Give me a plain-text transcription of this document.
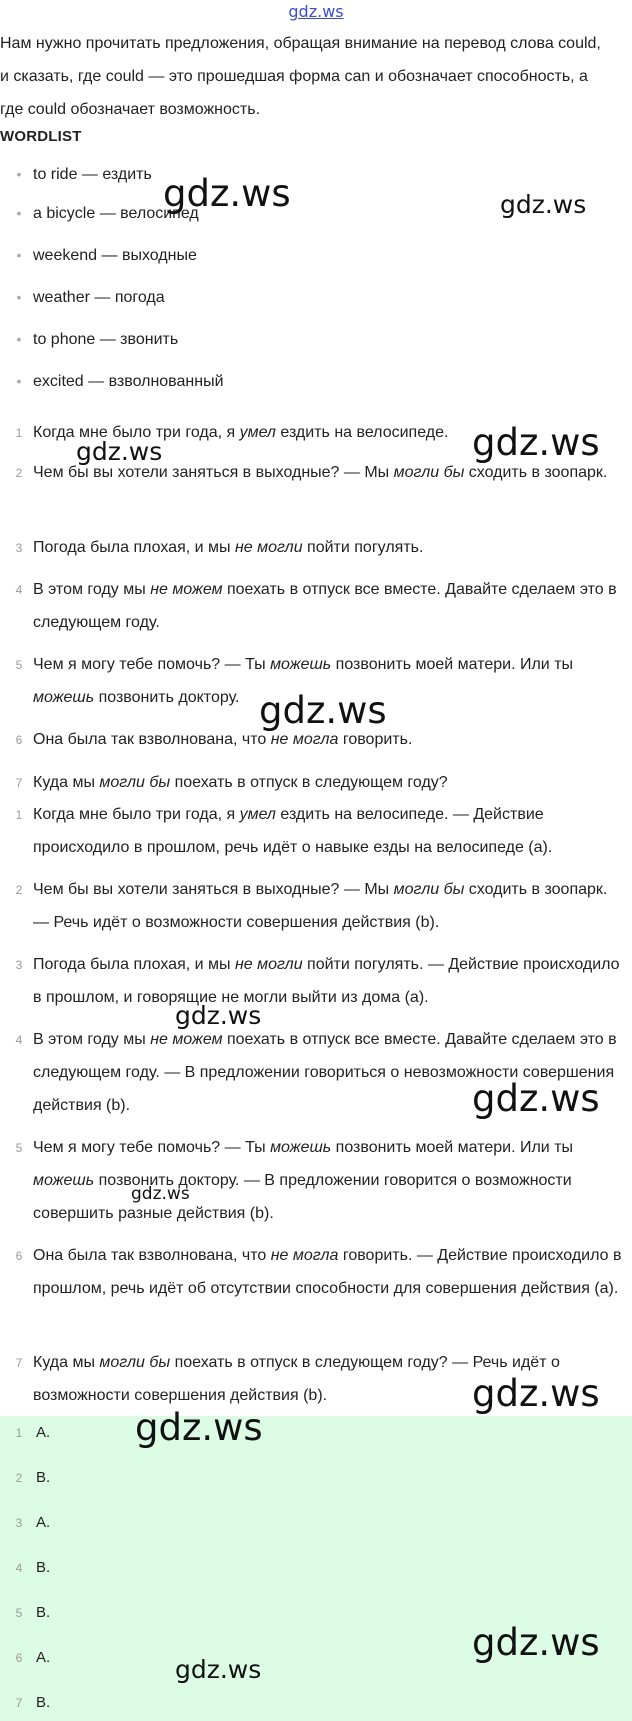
gdz.ws
Нам нужно прочитать предложения, обращая внимание на перевод слова could, и сказать, где could — это прошедшая форма can и обозначает способность, а где could обозначает возможность.
WORDLIST
• to ride — ездить
• a bicycle — велосипед
• weekend — выходные
• weather — погода
• to phone — звонить
• excited — взволнованный
1 Когда мне было три года, я умел ездить на велосипеде.
2 Чем бы вы хотели заняться в выходные? — Мы могли бы сходить в зоопарк.
3 Погода была плохая, и мы не могли пойти погулять.
4 В этом году мы не можем поехать в отпуск все вместе. Давайте сделаем это в следующем году.
5 Чем я могу тебе помочь? — Ты можешь позвонить моей матери. Или ты можешь позвонить доктору.
6 Она была так взволнована, что не могла говорить.
7 Куда мы могли бы поехать в отпуск в следующем году?
1 Когда мне было три года, я умел ездить на велосипеде. — Действие происходило в прошлом, речь идёт о навыке езды на велосипеде (a).
2 Чем бы вы хотели заняться в выходные? — Мы могли бы сходить в зоопарк. — Речь идёт о возможности совершения действия (b).
3 Погода была плохая, и мы не могли пойти погулять. — Действие происходило в прошлом, и говорящие не могли выйти из дома (a).
4 В этом году мы не можем поехать в отпуск все вместе. Давайте сделаем это в следующем году. — В предложении говориться о невозможности совершения действия (b).
5 Чем я могу тебе помочь? — Ты можешь позвонить моей матери. Или ты можешь позвонить доктору. — В предложении говорится о возможности совершить разные действия (b).
6 Она была так взволнована, что не могла говорить. — Действие происходило в прошлом, речь идёт об отсутствии способности для совершения действия (a).
7 Куда мы могли бы поехать в отпуск в следующем году? — Речь идёт о возможности совершения действия (b).
1 A.
2 B.
3 A.
4 B.
5 B.
6 A.
7 B.
gdz.ws	gdz.ws
gdz.ws
gdz.ws
gdz.ws
gdz.ws
gdz.ws
gdz.ws
gdz.ws
gdz.ws
gdz.ws
gdz.ws
